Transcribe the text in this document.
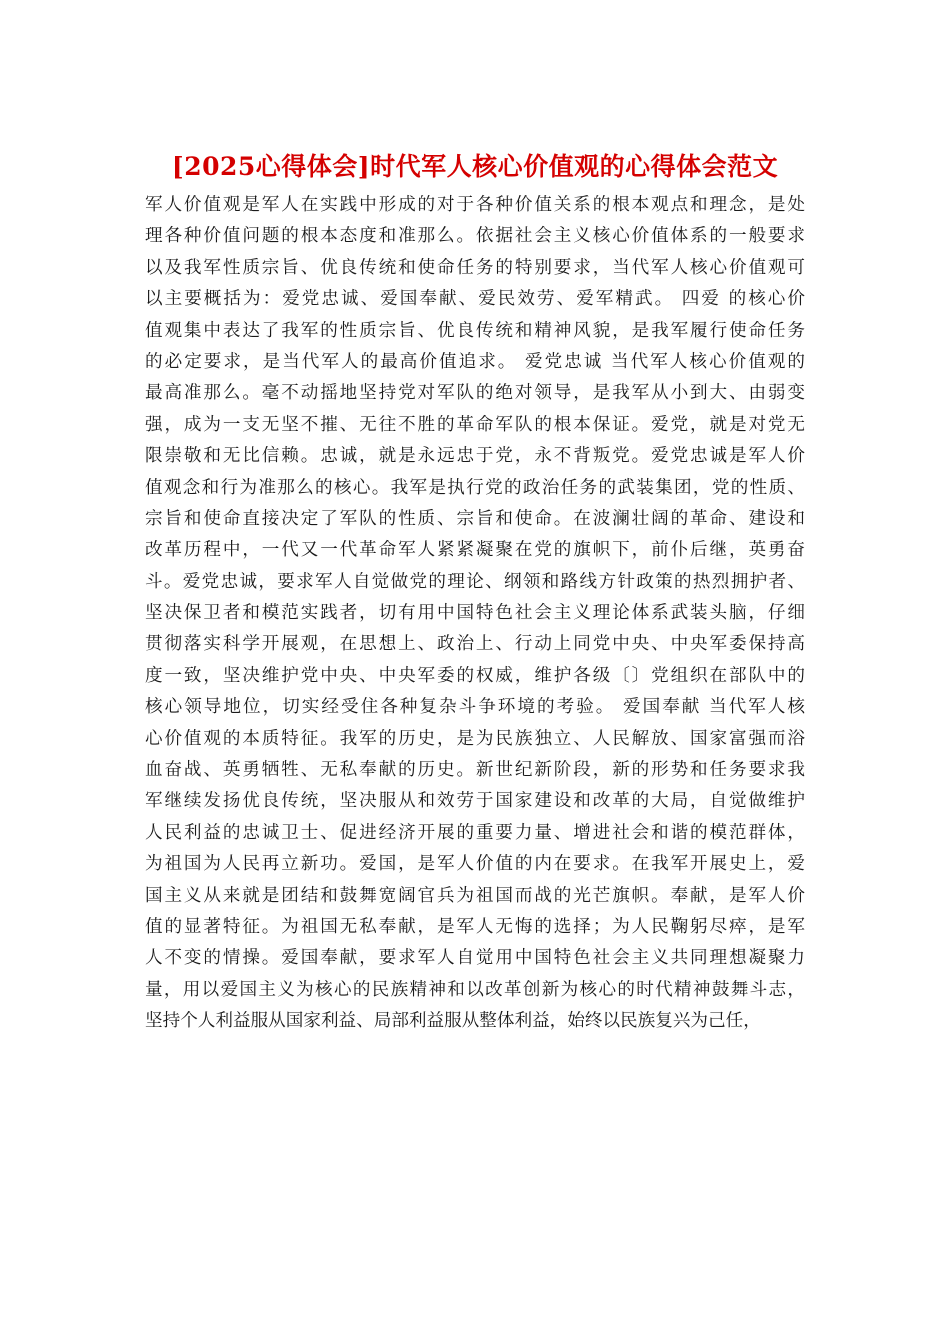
[2025心得体会]时代军人核心价值观的心得体会范文
军人价值观是军人在实践中形成的对于各种价值关系的根本观点和理念，是处
理各种价值问题的根本态度和准那么。依据社会主义核心价值体系的一般要求
以及我军性质宗旨、优良传统和使命任务的特别要求，当代军人核心价值观可
以主要概括为：爱党忠诚、爱国奉献、爱民效劳、爱军精武。 四爱 的核心价
值观集中表达了我军的性质宗旨、优良传统和精神风貌，是我军履行使命任务
的必定要求，是当代军人的最高价值追求。 爱党忠诚 当代军人核心价值观的
最高准那么。毫不动摇地坚持党对军队的绝对领导，是我军从小到大、由弱变
强，成为一支无坚不摧、无往不胜的革命军队的根本保证。爱党，就是对党无
限崇敬和无比信赖。忠诚，就是永远忠于党，永不背叛党。爱党忠诚是军人价
值观念和行为准那么的核心。我军是执行党的政治任务的武装集团，党的性质、
宗旨和使命直接决定了军队的性质、宗旨和使命。在波澜壮阔的革命、建设和
改革历程中，一代又一代革命军人紧紧凝聚在党的旗帜下，前仆后继，英勇奋
斗。爱党忠诚，要求军人自觉做党的理论、纲领和路线方针政策的热烈拥护者、
坚决保卫者和模范实践者，切有用中国特色社会主义理论体系武装头脑，仔细
贯彻落实科学开展观，在思想上、政治上、行动上同党中央、中央军委保持高
度一致，坚决维护党中央、中央军委的权威，维护各级〔〕党组织在部队中的
核心领导地位，切实经受住各种复杂斗争环境的考验。 爱国奉献 当代军人核
心价值观的本质特征。我军的历史，是为民族独立、人民解放、国家富强而浴
血奋战、英勇牺牲、无私奉献的历史。新世纪新阶段，新的形势和任务要求我
军继续发扬优良传统，坚决服从和效劳于国家建设和改革的大局，自觉做维护
人民利益的忠诚卫士、促进经济开展的重要力量、增进社会和谐的模范群体，
为祖国为人民再立新功。爱国，是军人价值的内在要求。在我军开展史上，爱
国主义从来就是团结和鼓舞宽阔官兵为祖国而战的光芒旗帜。奉献，是军人价
值的显著特征。为祖国无私奉献，是军人无悔的选择；为人民鞠躬尽瘁，是军
人不变的情操。爱国奉献，要求军人自觉用中国特色社会主义共同理想凝聚力
量，用以爱国主义为核心的民族精神和以改革创新为核心的时代精神鼓舞斗志，
坚持个人利益服从国家利益、局部利益服从整体利益，始终以民族复兴为己任，
